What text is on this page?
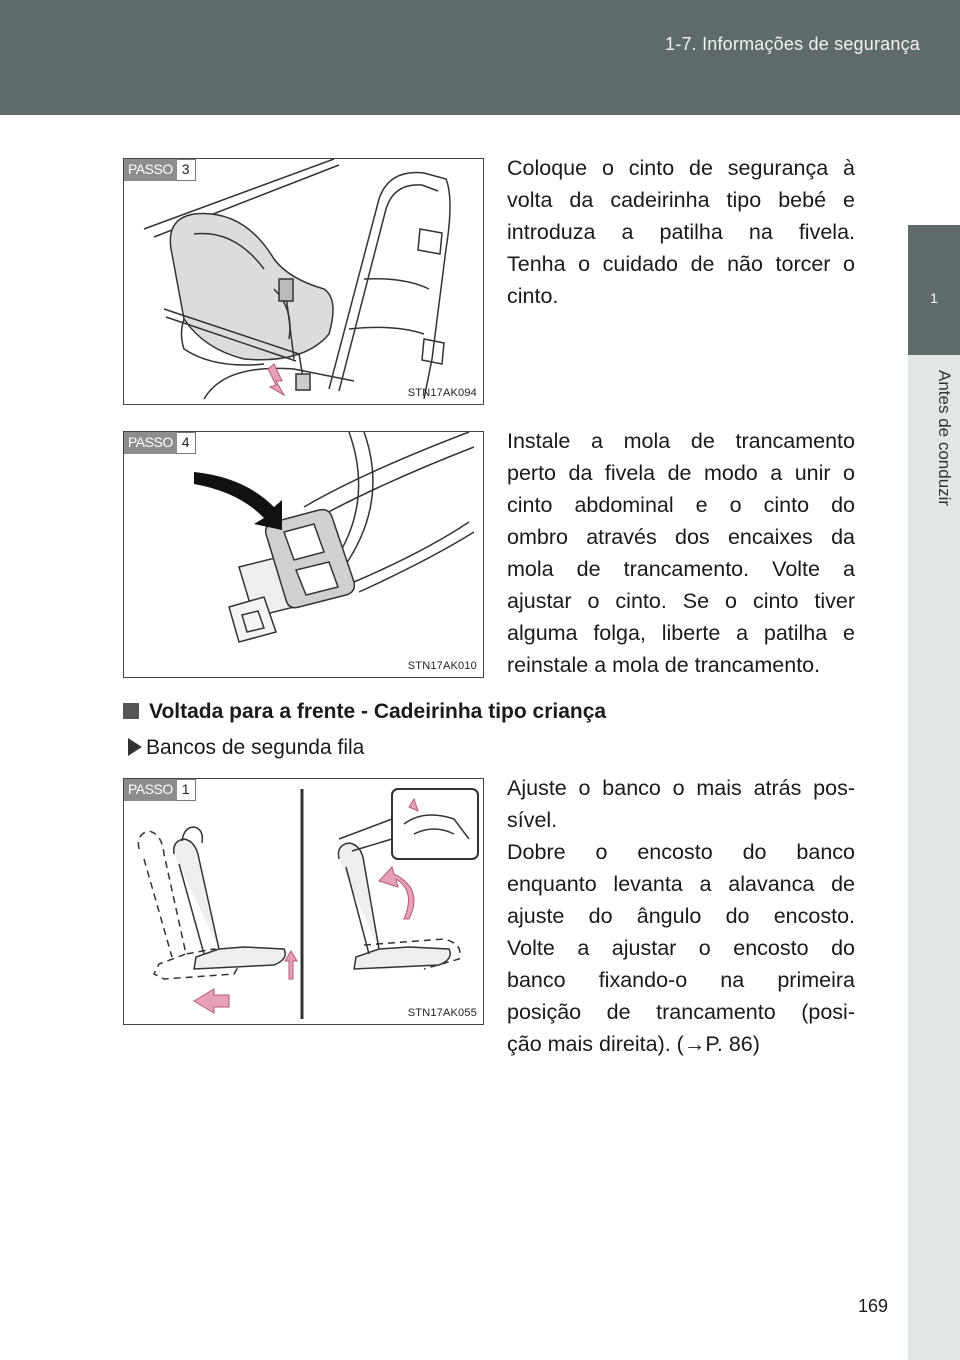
1-7. Informações de segurança
1
Antes de conduzir
PASSO 3
STN17AK094
Coloque o cinto de segurança à
volta da cadeirinha tipo bebé e
introduza a patilha na fivela.
Tenha o cuidado de não torcer o
cinto.
PASSO 4
STN17AK010
Instale a mola de trancamento
perto da fivela de modo a unir o
cinto abdominal e o cinto do
ombro através dos encaixes da
mola de trancamento. Volte a
ajustar o cinto. Se o cinto tiver
alguma folga, liberte a patilha e
reinstale a mola de trancamento.
Voltada para a frente - Cadeirinha tipo criança
Bancos de segunda fila
PASSO 1
STN17AK055
Ajuste o banco o mais atrás pos-
sível.
Dobre o encosto do banco
enquanto levanta a alavanca de
ajuste do ângulo do encosto.
Volte a ajustar o encosto do
banco fixando-o na primeira
posição de trancamento (posi-
ção mais direita). (→P. 86)
169
